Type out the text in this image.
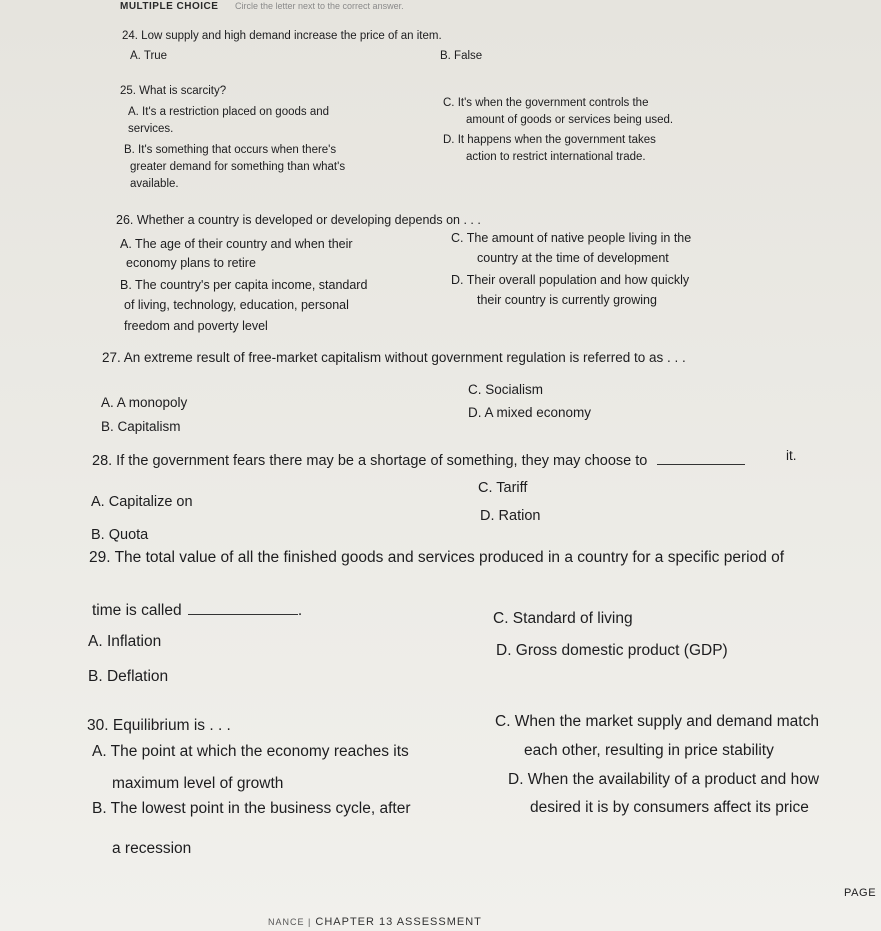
MULTIPLE CHOICE Circle the letter next to the correct answer.
24. Low supply and high demand increase the price of an item.
A. True	B. False
25. What is scarcity?
A. It's a restriction placed on goods and
services.
B. It's something that occurs when there's
greater demand for something than what's
available.
C. It's when the government controls the
amount of goods or services being used.
D. It happens when the government takes
action to restrict international trade.
26. Whether a country is developed or developing depends on . . .
A. The age of their country and when their
economy plans to retire
B. The country's per capita income, standard
of living, technology, education, personal
freedom and poverty level
C. The amount of native people living in the
country at the time of development
D. Their overall population and how quickly
their country is currently growing
27. An extreme result of free-market capitalism without government regulation is referred to as . . .
A. A monopoly
B. Capitalism
C. Socialism
D. A mixed economy
28. If the government fears there may be a shortage of something, they may choose to	it.
A. Capitalize on
B. Quota
C. Tariff
D. Ration
29. The total value of all the finished goods and services produced in a country for a specific period of
time is called	.
A. Inflation
B. Deflation
C. Standard of living
D. Gross domestic product (GDP)
30. Equilibrium is . . .
A. The point at which the economy reaches its
maximum level of growth
B. The lowest point in the business cycle, after
a recession
C. When the market supply and demand match
each other, resulting in price stability
D. When the availability of a product and how
desired it is by consumers affect its price
PAGE
NANCE | CHAPTER 13 ASSESSMENT
